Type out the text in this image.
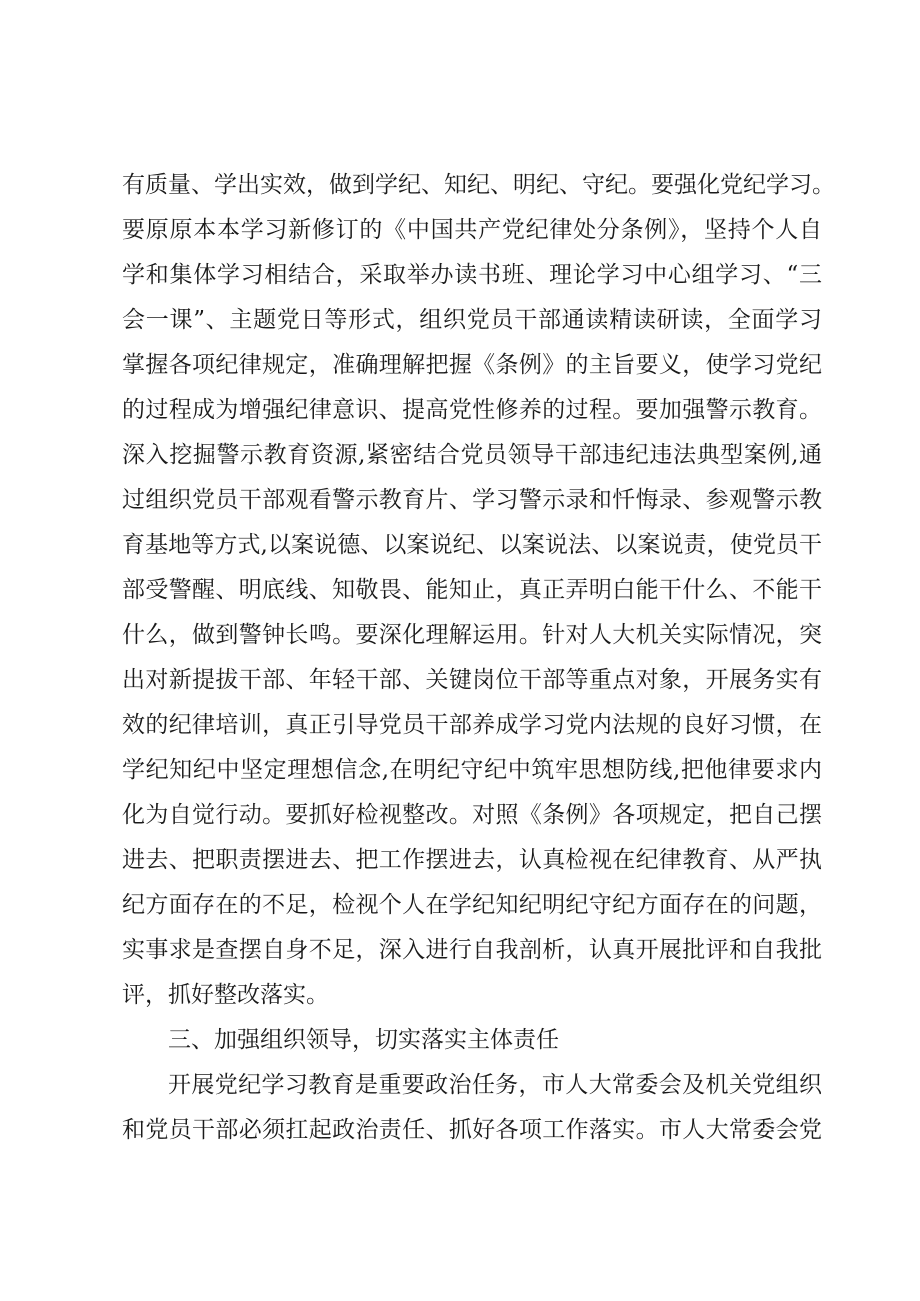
有质量、学出实效，做到学纪、知纪、明纪、守纪。要强化党纪学习。

要原原本本学习新修订的《中国共产党纪律处分条例》，坚持个人自

学和集体学习相结合，采取举办读书班、理论学习中心组学习、“三

会一课”、主题党日等形式，组织党员干部通读精读研读，全面学习

掌握各项纪律规定，准确理解把握《条例》的主旨要义，使学习党纪

的过程成为增强纪律意识、提高党性修养的过程。要加强警示教育。

深入挖掘警示教育资源,紧密结合党员领导干部违纪违法典型案例,通

过组织党员干部观看警示教育片、学习警示录和忏悔录、参观警示教

育基地等方式,以案说德、以案说纪、以案说法、以案说责，使党员干

部受警醒、明底线、知敬畏、能知止，真正弄明白能干什么、不能干

什么，做到警钟长鸣。要深化理解运用。针对人大机关实际情况，突

出对新提拔干部、年轻干部、关键岗位干部等重点对象，开展务实有

效的纪律培训，真正引导党员干部养成学习党内法规的良好习惯，在

学纪知纪中坚定理想信念,在明纪守纪中筑牢思想防线,把他律要求内

化为自觉行动。要抓好检视整改。对照《条例》各项规定，把自己摆

进去、把职责摆进去、把工作摆进去，认真检视在纪律教育、从严执

纪方面存在的不足，检视个人在学纪知纪明纪守纪方面存在的问题，

实事求是查摆自身不足，深入进行自我剖析，认真开展批评和自我批

评，抓好整改落实。

三、加强组织领导，切实落实主体责任

开展党纪学习教育是重要政治任务，市人大常委会及机关党组织

和党员干部必须扛起政治责任、抓好各项工作落实。市人大常委会党
